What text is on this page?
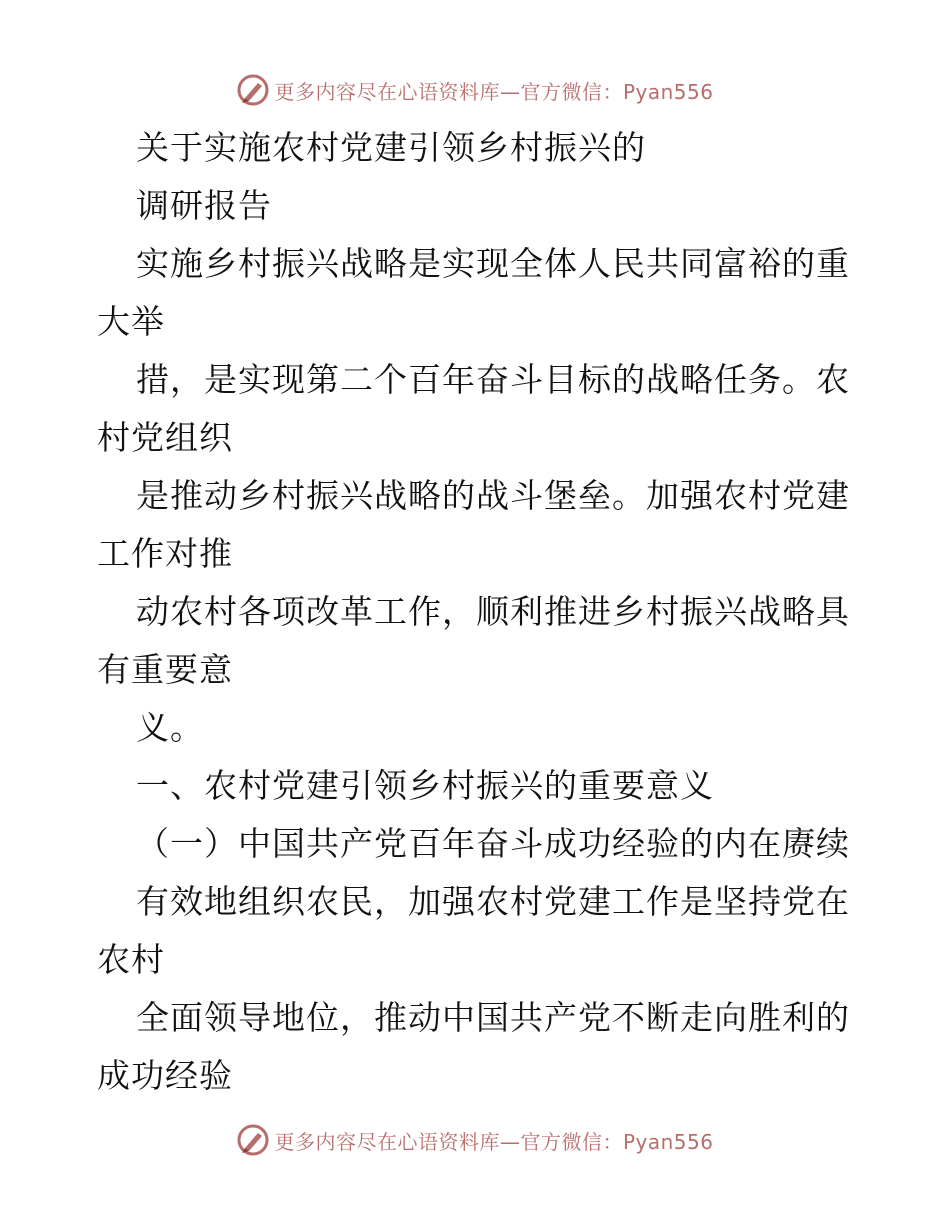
更多内容尽在心语资料库—官方微信：Pyan556
关于实施农村党建引领乡村振兴的
调研报告
实施乡村振兴战略是实现全体人民共同富裕的重
大举
措，是实现第二个百年奋斗目标的战略任务。农
村党组织
是推动乡村振兴战略的战斗堡垒。加强农村党建
工作对推
动农村各项改革工作，顺利推进乡村振兴战略具
有重要意
义。
一、农村党建引领乡村振兴的重要意义
（一）中国共产党百年奋斗成功经验的内在赓续
有效地组织农民，加强农村党建工作是坚持党在
农村
全面领导地位，推动中国共产党不断走向胜利的
成功经验
更多内容尽在心语资料库—官方微信：Pyan556
